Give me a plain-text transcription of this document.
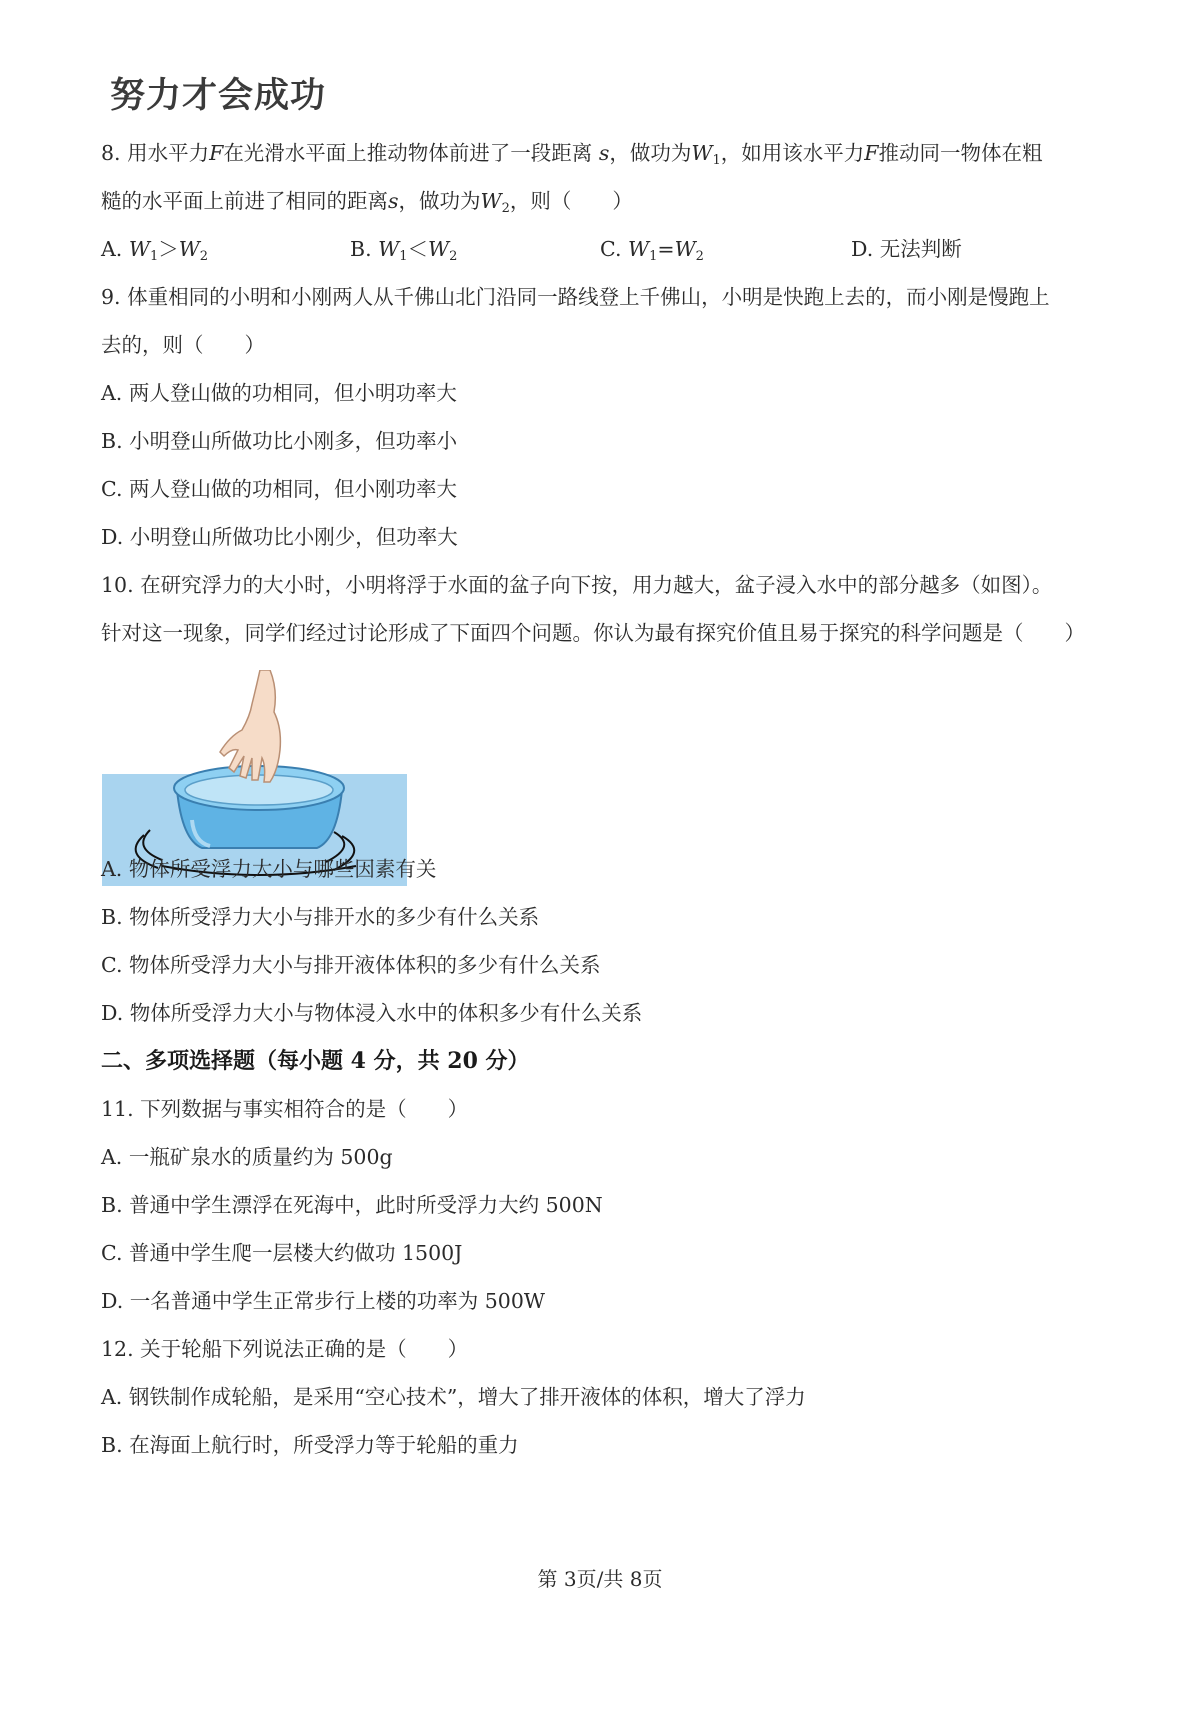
努力才会成功
8. 用水平力F在光滑水平面上推动物体前进了一段距离 s，做功为$W_1$，如用该水平力F推动同一物体在粗
糙的水平面上前进了相同的距离s，做功为$W_2$，则（　　）
A. $W_1>W_2$	B. $W_1<W_2$	C. $W_1=W_2$	D. 无法判断
9. 体重相同的小明和小刚两人从千佛山北门沿同一路线登上千佛山，小明是快跑上去的，而小刚是慢跑上
去的，则（　　）
A. 两人登山做的功相同，但小明功率大
B. 小明登山所做功比小刚多，但功率小
C. 两人登山做的功相同，但小刚功率大
D. 小明登山所做功比小刚少，但功率大
10. 在研究浮力的大小时，小明将浮于水面的盆子向下按，用力越大，盆子浸入水中的部分越多（如图）。
针对这一现象，同学们经过讨论形成了下面四个问题。你认为最有探究价值且易于探究的科学问题是（　　）
A. 物体所受浮力大小与哪些因素有关
B. 物体所受浮力大小与排开水的多少有什么关系
C. 物体所受浮力大小与排开液体体积的多少有什么关系
D. 物体所受浮力大小与物体浸入水中的体积多少有什么关系
二、多项选择题（每小题 4 分，共 20 分）
11. 下列数据与事实相符合的是（　　）
A. 一瓶矿泉水的质量约为 500g
B. 普通中学生漂浮在死海中，此时所受浮力大约 500N
C. 普通中学生爬一层楼大约做功 1500J
D. 一名普通中学生正常步行上楼的功率为 500W
12. 关于轮船下列说法正确的是（　　）
A. 钢铁制作成轮船，是采用“空心技术”，增大了排开液体的体积，增大了浮力
B. 在海面上航行时，所受浮力等于轮船的重力
第 3页/共 8页
